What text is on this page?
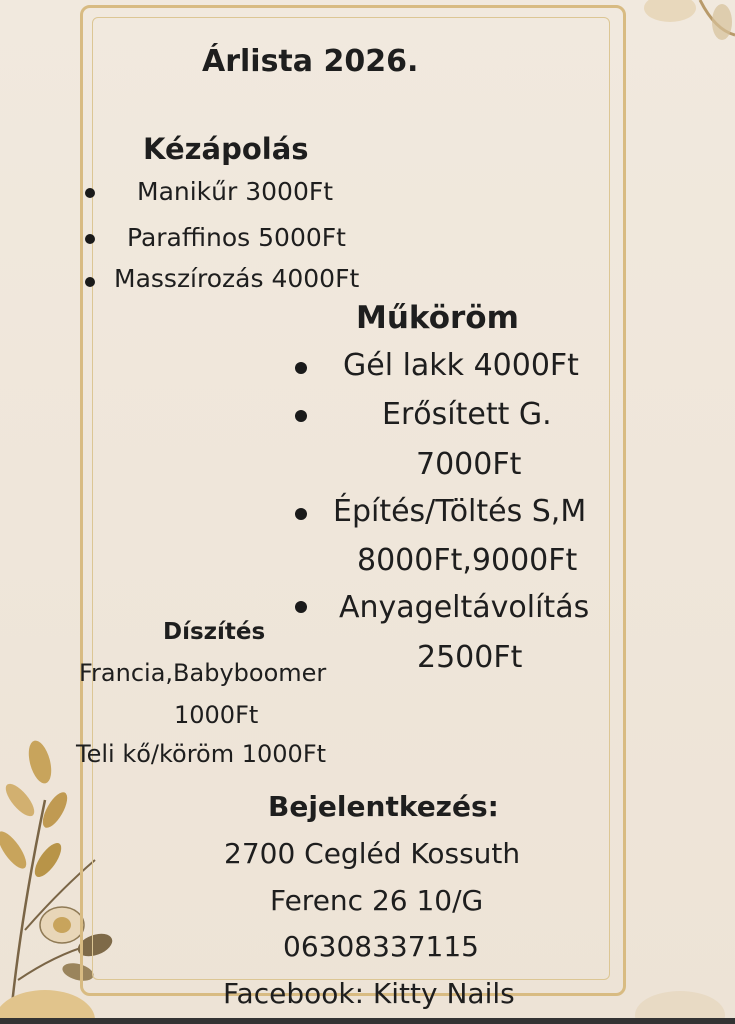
Árlista 2026.
Kézápolás
Manikűr 3000Ft
Paraffinos 5000Ft
Masszírozás 4000Ft
Műköröm
Gél lakk 4000Ft
Erősített G.
7000Ft
Építés/Töltés S,M
8000Ft,9000Ft
Anyageltávolítás
2500Ft
Díszítés
Francia,Babyboomer
1000Ft
Teli kő/köröm 1000Ft
Bejelentkezés:
2700 Cegléd Kossuth
Ferenc 26 10/G
06308337115
Facebook: Kitty Nails
